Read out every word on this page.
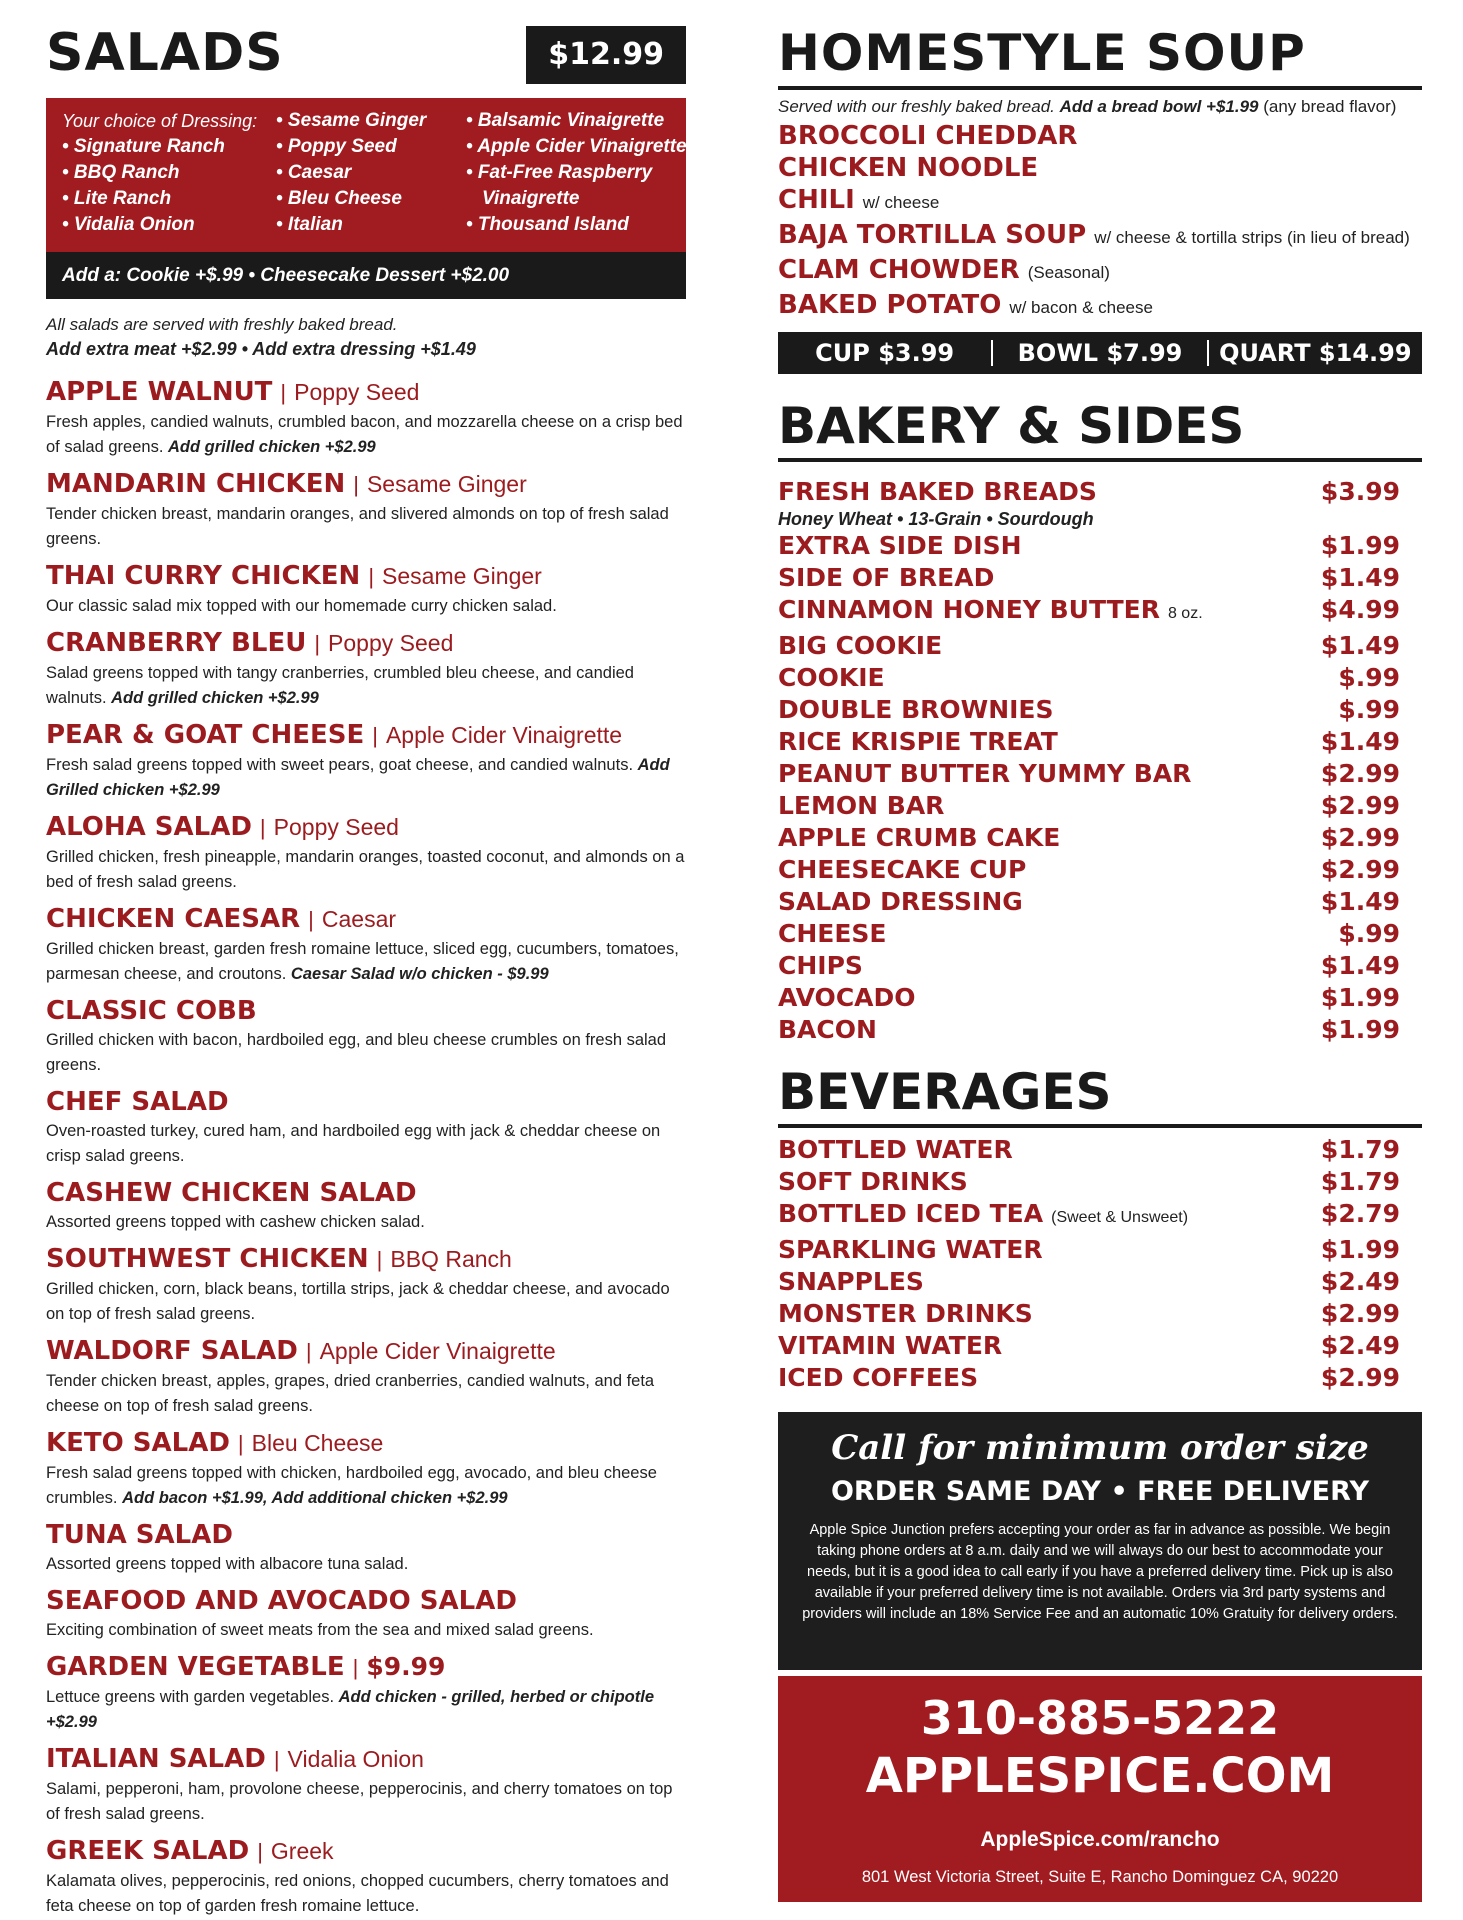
SALADS	$12.99
Your choice of Dressing:
• Signature Ranch
• BBQ Ranch
• Lite Ranch
• Vidalia Onion
• Sesame Ginger
• Poppy Seed
• Caesar
• Bleu Cheese
• Italian
• Balsamic Vinaigrette
• Apple Cider Vinaigrette
• Fat-Free Raspberry
Vinaigrette
• Thousand Island
Add a: Cookie +$.99 • Cheesecake Dessert +$2.00
All salads are served with freshly baked bread.
Add extra meat +$2.99 • Add extra dressing +$1.49
APPLE WALNUT | Poppy Seed
Fresh apples, candied walnuts, crumbled bacon, and mozzarella cheese on a crisp bed of salad greens. Add grilled chicken +$2.99
MANDARIN CHICKEN | Sesame Ginger
Tender chicken breast, mandarin oranges, and slivered almonds on top of fresh salad greens.
THAI CURRY CHICKEN | Sesame Ginger
Our classic salad mix topped with our homemade curry chicken salad.
CRANBERRY BLEU | Poppy Seed
Salad greens topped with tangy cranberries, crumbled bleu cheese, and candied walnuts. Add grilled chicken +$2.99
PEAR & GOAT CHEESE | Apple Cider Vinaigrette
Fresh salad greens topped with sweet pears, goat cheese, and candied walnuts. Add Grilled chicken +$2.99
ALOHA SALAD | Poppy Seed
Grilled chicken, fresh pineapple, mandarin oranges, toasted coconut, and almonds on a bed of fresh salad greens.
CHICKEN CAESAR | Caesar
Grilled chicken breast, garden fresh romaine lettuce, sliced egg, cucumbers, tomatoes, parmesan cheese, and croutons. Caesar Salad w/o chicken - $9.99
CLASSIC COBB
Grilled chicken with bacon, hardboiled egg, and bleu cheese crumbles on fresh salad greens.
CHEF SALAD
Oven-roasted turkey, cured ham, and hardboiled egg with jack & cheddar cheese on crisp salad greens.
CASHEW CHICKEN SALAD
Assorted greens topped with cashew chicken salad.
SOUTHWEST CHICKEN | BBQ Ranch
Grilled chicken, corn, black beans, tortilla strips, jack & cheddar cheese, and avocado on top of fresh salad greens.
WALDORF SALAD | Apple Cider Vinaigrette
Tender chicken breast, apples, grapes, dried cranberries, candied walnuts, and feta cheese on top of fresh salad greens.
KETO SALAD | Bleu Cheese
Fresh salad greens topped with chicken, hardboiled egg, avocado, and bleu cheese crumbles. Add bacon +$1.99, Add additional chicken +$2.99
TUNA SALAD
Assorted greens topped with albacore tuna salad.
SEAFOOD AND AVOCADO SALAD
Exciting combination of sweet meats from the sea and mixed salad greens.
GARDEN VEGETABLE | $9.99
Lettuce greens with garden vegetables. Add chicken - grilled, herbed or chipotle +$2.99
ITALIAN SALAD | Vidalia Onion
Salami, pepperoni, ham, provolone cheese, pepperocinis, and cherry tomatoes on top of fresh salad greens.
GREEK SALAD | Greek
Kalamata olives, pepperocinis, red onions, chopped cucumbers, cherry tomatoes and feta cheese on top of garden fresh romaine lettuce.
HOMESTYLE SOUP
Served with our freshly baked bread. Add a bread bowl +$1.99 (any bread flavor)
BROCCOLI CHEDDAR
CHICKEN NOODLE
CHILI w/ cheese
BAJA TORTILLA SOUP w/ cheese & tortilla strips (in lieu of bread)
CLAM CHOWDER (Seasonal)
BAKED POTATO w/ bacon & cheese
CUP $3.99	BOWL $7.99	QUART $14.99
BAKERY & SIDES
FRESH BAKED BREADS	$3.99
Honey Wheat • 13-Grain • Sourdough
EXTRA SIDE DISH	$1.99
SIDE OF BREAD	$1.49
CINNAMON HONEY BUTTER 8 oz.	$4.99
BIG COOKIE	$1.49
COOKIE	$.99
DOUBLE BROWNIES	$.99
RICE KRISPIE TREAT	$1.49
PEANUT BUTTER YUMMY BAR	$2.99
LEMON BAR	$2.99
APPLE CRUMB CAKE	$2.99
CHEESECAKE CUP	$2.99
SALAD DRESSING	$1.49
CHEESE	$.99
CHIPS	$1.49
AVOCADO	$1.99
BACON	$1.99
BEVERAGES
BOTTLED WATER	$1.79
SOFT DRINKS	$1.79
BOTTLED ICED TEA (Sweet & Unsweet)	$2.79
SPARKLING WATER	$1.99
SNAPPLES	$2.49
MONSTER DRINKS	$2.99
VITAMIN WATER	$2.49
ICED COFFEES	$2.99
Call for minimum order size
ORDER SAME DAY • FREE DELIVERY
Apple Spice Junction prefers accepting your order as far in advance as possible. We begin taking phone orders at 8 a.m. daily and we will always do our best to accommodate your needs, but it is a good idea to call early if you have a preferred delivery time. Pick up is also available if your preferred delivery time is not available. Orders via 3rd party systems and providers will include an 18% Service Fee and an automatic 10% Gratuity for delivery orders.
310-885-5222
APPLESPICE.COM
AppleSpice.com/rancho
801 West Victoria Street, Suite E, Rancho Dominguez CA, 90220
